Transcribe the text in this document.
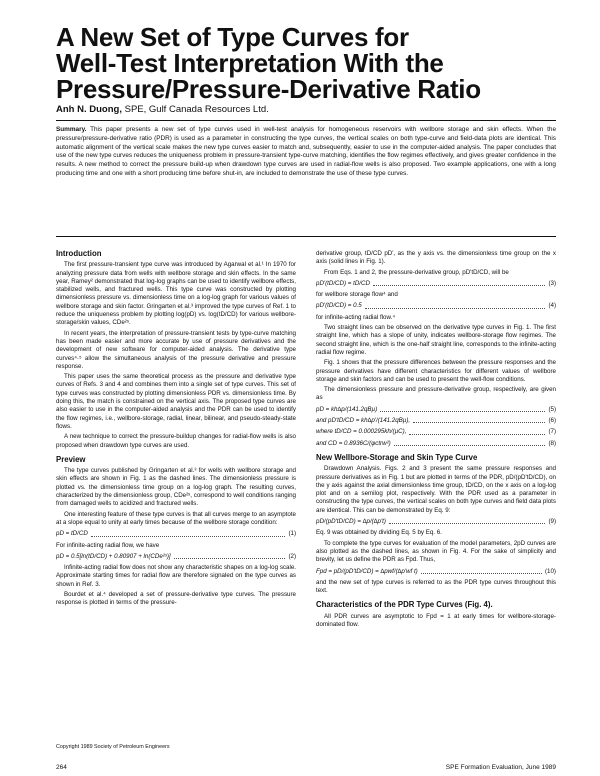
A New Set of Type Curves for
Well-Test Interpretation With the
Pressure/Pressure-Derivative Ratio
Anh N. Duong, SPE, Gulf Canada Resources Ltd.
Summary. This paper presents a new set of type curves used in well-test analysis for homogeneous reservoirs with wellbore storage and skin effects. When the pressure/pressure-derivative ratio (PDR) is used as a parameter in constructing the type curves, the vertical scales on both type-curve and field-data plots are identical. This automatic alignment of the vertical scale makes the new type curves easier to match and, subsequently, easier to use in the computer-aided analysis. The paper concludes that use of the new type curves reduces the uniqueness problem in pressure-transient type-curve matching, identifies the flow regimes effectively, and gives greater confidence in the results. A new method to correct the pressure build-up when drawdown type curves are used in radial-flow wells is also proposed. Two example applications, one with a long producing time and one with a short producing time before shut-in, are included to demonstrate the use of these type curves.
Introduction

The first pressure-transient type curve was introduced by Agarwal et al.¹ In 1970 for analyzing pressure data from wells with wellbore storage and skin effects. In the same year, Ramey² demonstrated that log-log graphs can be used to identify wellbore effects, stabilized wells, and fractured wells. This type curve was constructed by plotting dimensionless pressure vs. dimensionless time on a log-log graph for various values of wellbore storage and skin factor. Gringarten et al.³ improved the type curves of Ref. 1 to reduce the uniqueness problem by plotting log(pD) vs. log(tD/CD) for various wellbore-storage/skin values, CDe²ˢ.

In recent years, the interpretation of pressure-transient tests by type-curve matching has been made easier and more accurate by use of pressure derivatives and the development of new software for computer-aided analysis. The derivative type curves⁴·⁵ allow the simultaneous analysis of the pressure derivative and pressure response.

This paper uses the same theoretical process as the pressure and derivative type curves of Refs. 3 and 4 and combines them into a single set of type curves. This set of type curves was constructed by plotting dimensionless PDR vs. dimensionless time. By doing this, the match is constrained on the vertical axis. The proposed type curves are also easier to use in the computer-aided analysis and the PDR can be used to identify the flow regimes, i.e., wellbore-storage, radial, linear, bilinear, and pseudo-steady-state flows.

A new technique to correct the pressure-buildup changes for radial-flow wells is also proposed when drawdown type curves are used.

Preview

The type curves published by Gringarten et al.³ for wells with wellbore storage and skin effects are shown in Fig. 1 as the dashed lines. The dimensionless pressure is plotted vs. the dimensionless time group on a log-log graph. The resulting curves, characterized by the dimensionless group, CDe²ˢ, correspond to well conditions ranging from damaged wells to acidized and fractured wells.

One interesting feature of these type curves is that all curves merge to an asymptote at a slope equal to unity at early times because of the wellbore storage condition:

pD = tD/CD	(1)

For infinite-acting radial flow, we have

pD = 0.5[ln(tD/CD) + 0.80907 + ln(CDe²ˢ)]	(2)

Infinite-acting radial flow does not show any characteristic shapes on a log-log scale. Approximate starting times for radial flow are therefore signaled on the type curves as shown in Ref. 3.

Bourdet et al.⁴ developed a set of pressure-derivative type curves. The pressure response is plotted in terms of the pressure-

derivative group, tD/CD pD', as the y axis vs. the dimensionless time group on the x axis (solid lines in Fig. 1).

From Eqs. 1 and 2, the pressure-derivative group, pD'tD/CD, will be

pD'(tD/CD) = tD/CD	(3)

for wellbore storage flow⁴ and

pD'(tD/CD) = 0.5	(4)

for infinite-acting radial flow.⁴

Two straight lines can be observed on the derivative type curves in Fig. 1. The first straight line, which has a slope of unity, indicates wellbore-storage flow regimes. The second straight line, which is the one-half straight line, corresponds to the infinite-acting radial flow regime.

Fig. 1 shows that the pressure differences between the pressure responses and the pressure derivatives have different characteristics for different values of wellbore storage and skin factors and can be used to present the well-flow conditions.

The dimensionless pressure and pressure-derivative group, respectively, are given as

pD = kh∆p/(141.2qBµ)	(5)
and pD'tD/CD = kh∆p'/(141.2qBµ),	(6)
where tD/CD = 0.000295kh/(µC),	(7)
and CD = 0.8936C/(φctrw²)	(8)
New Wellbore-Storage and Skin Type Curve

Drawdown Analysis. Figs. 2 and 3 present the same pressure responses and pressure derivatives as in Fig. 1 but are plotted in terms of the PDR, pD/(pD'tD/CD), on the y axis against the axial dimensionless time group, tD/CD, on the x axis on a log-log plot and on a semilog plot, respectively. With the PDR used as a parameter in constructing the type curves, the vertical scales on both type curves and field data plots are identical. This can be demonstrated by Eq. 9:

pD/(pD'tD/CD) = ∆p/(∆p't)	(9)

Eq. 9 was obtained by dividing Eq. 5 by Eq. 6.

To complete the type curves for evaluation of the model parameters, 2pD curves are also plotted as the dashed lines, as shown in Fig. 4. For the sake of simplicity and brevity, let us define the PDR as Fpd. Thus,

Fpd = pD/(pD'tD/CD) = ∆pwf/(∆p'wf t)	(10)

and the new set of type curves is referred to as the PDR type curves throughout this text.

Characteristics of the PDR Type Curves (Fig. 4).

All PDR curves are asymptotic to Fpd = 1 at early times for wellbore-storage-dominated flow.

Copyright 1989 Society of Petroleum Engineers
264	SPE Formation Evaluation, June 1989
